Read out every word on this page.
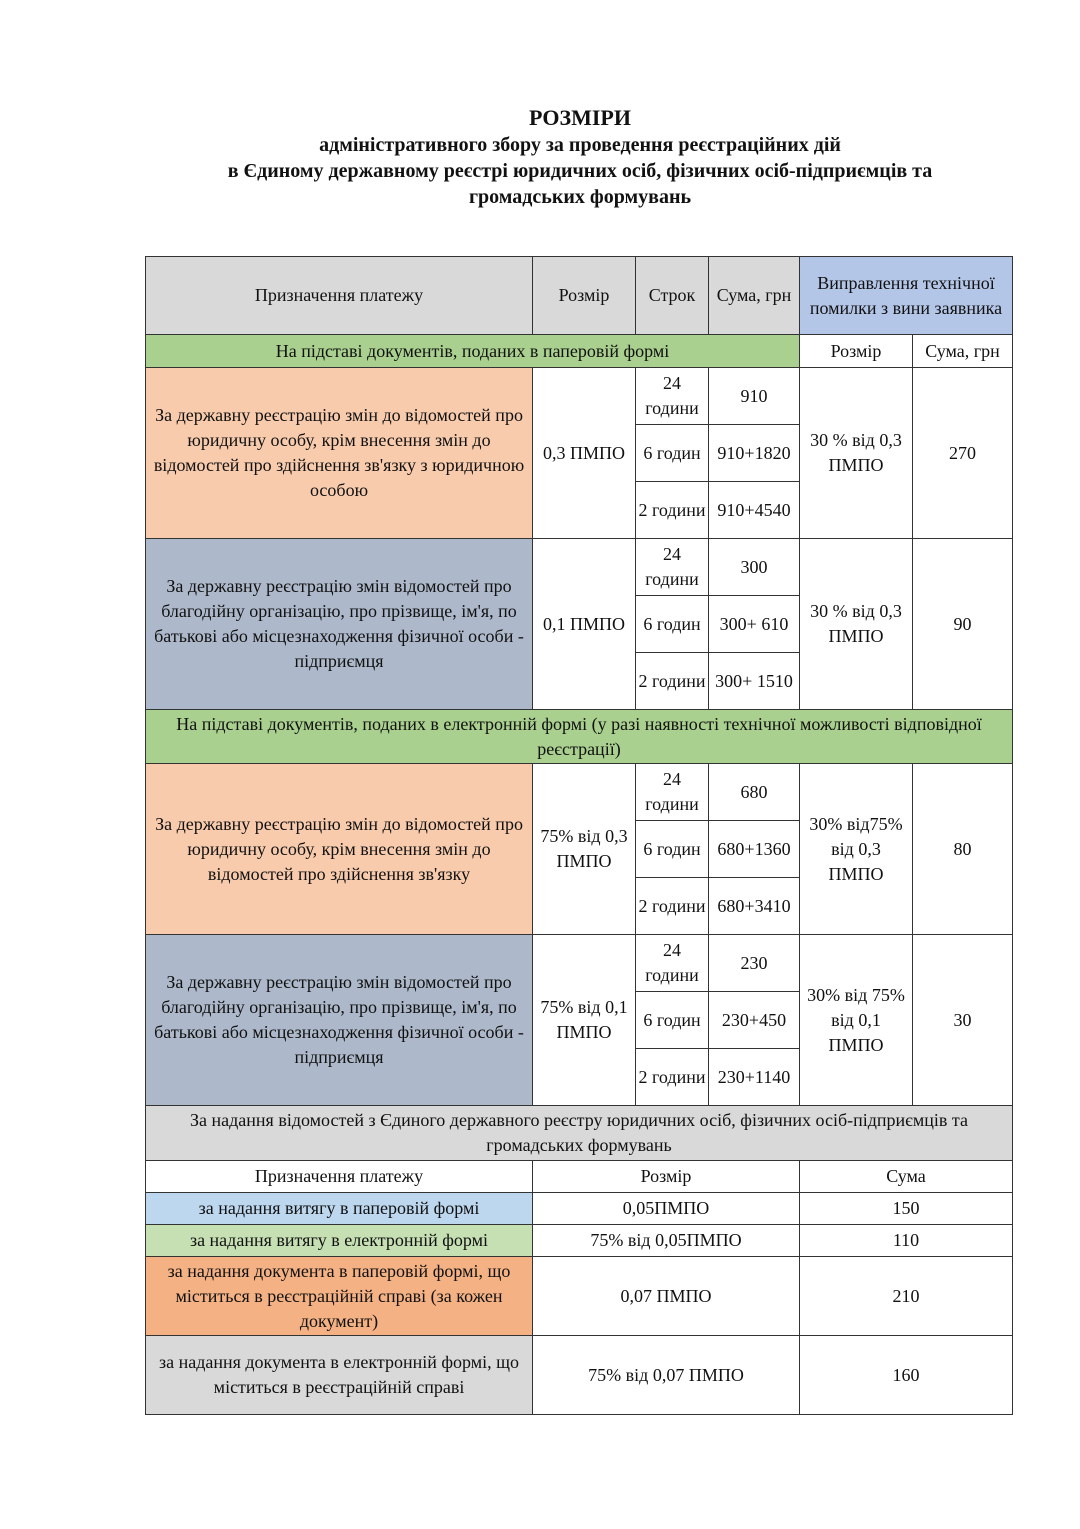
РОЗМІРИ
адміністративного збору за проведення реєстраційних дій
в Єдиному державному реєстрі юридичних осіб, фізичних осіб-підприємців та
громадських формувань
Призначення платежу	Розмір	Строк	Сума, грн	Виправлення технічної помилки з вини заявника	
На підставі документів, поданих в паперовій формі				Розмір	Сума, грн
За державну реєстрацію змін до відомостей про юридичну особу, крім внесення змін до відомостей про здійснення зв'язку з юридичною особою	0,3 ПМПО	24 години	910	30 % від 0,3 ПМПО	270
		6 годин	910+1820		
		2 години	910+4540		
За державну реєстрацію змін відомостей про благодійну організацію, про прізвище, ім'я, по батькові або місцезнаходження фізичної особи - підприємця	0,1 ПМПО	24 години	300	30 % від 0,3 ПМПО	90
		6 годин	300+ 610		
		2 години	300+ 1510		
На підставі документів, поданих в електронній формі (у разі наявності технічної можливості відповідної реєстрації)					
За державну реєстрацію змін до відомостей про юридичну особу, крім внесення змін до відомостей про здійснення зв'язку	75% від 0,3 ПМПО	24 години	680	30% від75% від 0,3 ПМПО	80
		6 годин	680+1360		
		2 години	680+3410		
За державну реєстрацію змін відомостей про благодійну організацію, про прізвище, ім'я, по батькові або місцезнаходження фізичної особи - підприємця	75% від 0,1 ПМПО	24 години	230	30% від 75% від 0,1 ПМПО	30
		6 годин	230+450		
		2 години	230+1140		
За надання відомостей з Єдиного державного реєстру юридичних осіб, фізичних осіб-підприємців та громадських формувань					
Призначення платежу	Розмір			Сума	
за надання витягу в паперовій формі	0,05ПМПО			150	
за надання витягу в електронній формі	75% від 0,05ПМПО			110	
за надання документа в паперовій формі, що міститься в реєстраційній справі (за кожен документ)	0,07 ПМПО			210	
за надання документа в електронній формі, що міститься в реєстраційній справі	75% від 0,07 ПМПО			160	
